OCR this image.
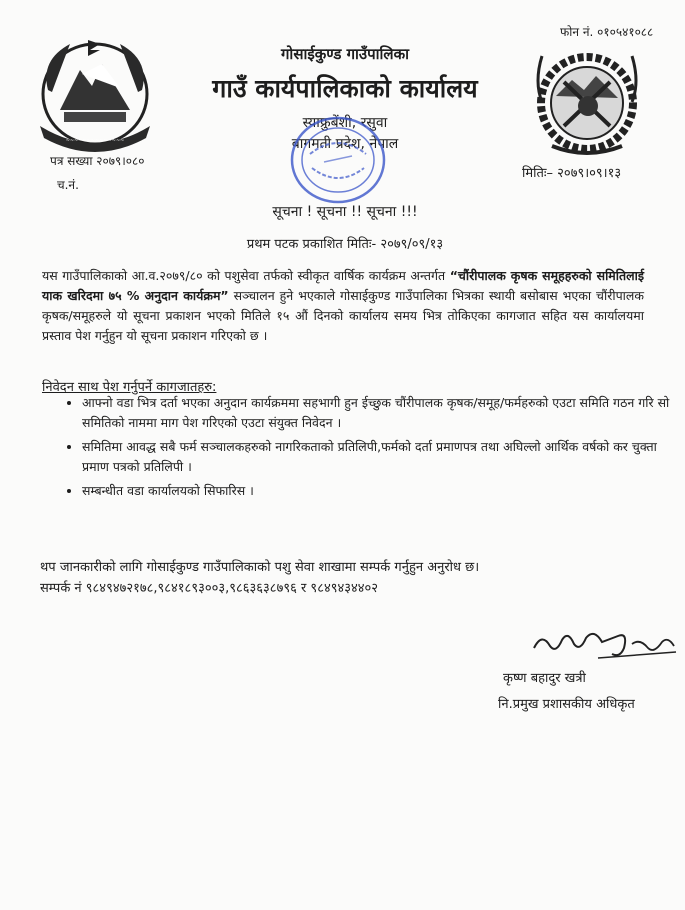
~~~~~~~~~~~~~~
फोन नं. ०१०५४१०८८
गोसाईकुण्ड गाउँपालिका
गाउँ कार्यपालिकाको कार्यालय
स्याफ्रुबेंशी, रसुवा
बागमती प्रदेश, नेपाल
पत्र सख्या २०७९।०८०
च.नं.
मितिः– २०७९।०९।१३
सूचना ! सूचना !! सूचना !!!
प्रथम पटक प्रकाशित मितिः- २०७९/०९/१३
यस गाउँपालिकाको आ.व.२०७९/८० को पशुसेवा तर्फको स्वीकृत वार्षिक कार्यक्रम अन्तर्गत “चौंरीपालक कृषक समूहहरुको समितिलाई याक खरिदमा ७५ % अनुदान कार्यक्रम” सञ्चालन हुने भएकाले गोसाईकुण्ड गाउँपालिका भित्रका स्थायी बसोबास भएका चौंरीपालक कृषक/समूहरुले यो सूचना प्रकाशन भएको मितिले १५ औं दिनको कार्यालय समय भित्र तोकिएका कागजात सहित यस कार्यालयमा प्रस्ताव पेश गर्नुहुन यो सूचना प्रकाशन गरिएको छ ।
निवेदन साथ पेश गर्नुपर्ने कागजातहरु:
• आफ्नो वडा भित्र दर्ता भएका अनुदान कार्यक्रममा सहभागी हुन ईच्छुक चौंरीपालक कृषक/समूह/फर्महरुको एउटा समिति गठन गरि सो समितिको नाममा माग पेश गरिएको एउटा संयुक्त निवेदन ।
• समितिमा आवद्ध सबै फर्म सञ्चालकहरुको नागरिकताको प्रतिलिपी,फर्मको दर्ता प्रमाणपत्र तथा अघिल्लो आर्थिक वर्षको कर चुक्ता प्रमाण पत्रको प्रतिलिपी ।
• सम्बन्धीत वडा कार्यालयको सिफारिस ।
थप जानकारीको लागि गोसाईकुण्ड गाउँपालिकाको पशु सेवा शाखामा सम्पर्क गर्नुहुन अनुरोध छ।
सम्पर्क नं ९८४९४७२१७८,९८४१८९३००३,९८६३६३८७९६ र ९८४९४३४४०२
कृष्ण बहादुर खत्री
नि.प्रमुख प्रशासकीय अधिकृत
